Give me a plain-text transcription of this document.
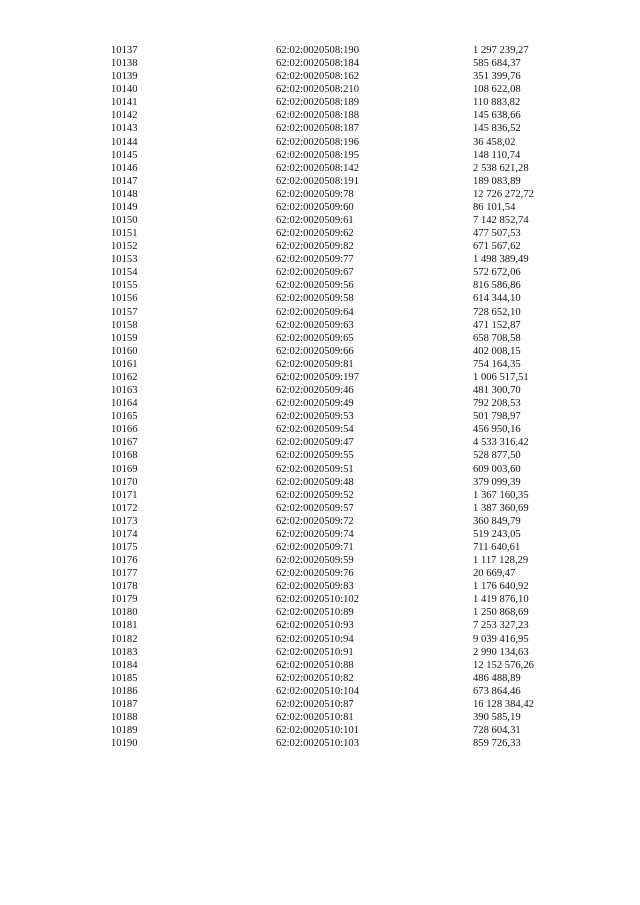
10137	62:02:0020508:190	1 297 239,27
10138	62:02:0020508:184	585 684,37
10139	62:02:0020508:162	351 399,76
10140	62:02:0020508:210	108 622,08
10141	62:02:0020508:189	110 883,82
10142	62:02:0020508:188	145 638,66
10143	62:02:0020508:187	145 836,52
10144	62:02:0020508:196	36 458,02
10145	62:02:0020508:195	148 110,74
10146	62:02:0020508:142	2 538 621,28
10147	62:02:0020508:191	189 083,89
10148	62:02:0020509:78	12 726 272,72
10149	62:02:0020509:60	86 101,54
10150	62:02:0020509:61	7 142 852,74
10151	62:02:0020509:62	477 507,53
10152	62:02:0020509:82	671 567,62
10153	62:02:0020509:77	1 498 389,49
10154	62:02:0020509:67	572 672,06
10155	62:02:0020509:56	816 586,86
10156	62:02:0020509:58	614 344,10
10157	62:02:0020509:64	728 652,10
10158	62:02:0020509:63	471 152,87
10159	62:02:0020509:65	658 708,58
10160	62:02:0020509:66	402 008,15
10161	62:02:0020509:81	754 164,35
10162	62:02:0020509:197	1 006 517,51
10163	62:02:0020509:46	481 300,70
10164	62:02:0020509:49	792 208,53
10165	62:02:0020509:53	501 798,97
10166	62:02:0020509:54	456 950,16
10167	62:02:0020509:47	4 533 316,42
10168	62:02:0020509:55	528 877,50
10169	62:02:0020509:51	609 003,60
10170	62:02:0020509:48	379 099,39
10171	62:02:0020509:52	1 367 160,35
10172	62:02:0020509:57	1 387 360,69
10173	62:02:0020509:72	360 849,79
10174	62:02:0020509:74	519 243,05
10175	62:02:0020509:71	711 640,61
10176	62:02:0020509:59	1 117 128,29
10177	62:02:0020509:76	20 669,47
10178	62:02:0020509:83	1 176 640,92
10179	62:02:0020510:102	1 419 876,10
10180	62:02:0020510:89	1 250 868,69
10181	62:02:0020510:93	7 253 327,23
10182	62:02:0020510:94	9 039 416,95
10183	62:02:0020510:91	2 990 134,63
10184	62:02:0020510:88	12 152 576,26
10185	62:02:0020510:82	486 488,89
10186	62:02:0020510:104	673 864,46
10187	62:02:0020510:87	16 128 384,42
10188	62:02:0020510:81	390 585,19
10189	62:02:0020510:101	728 604,31
10190	62:02:0020510:103	859 726,33
